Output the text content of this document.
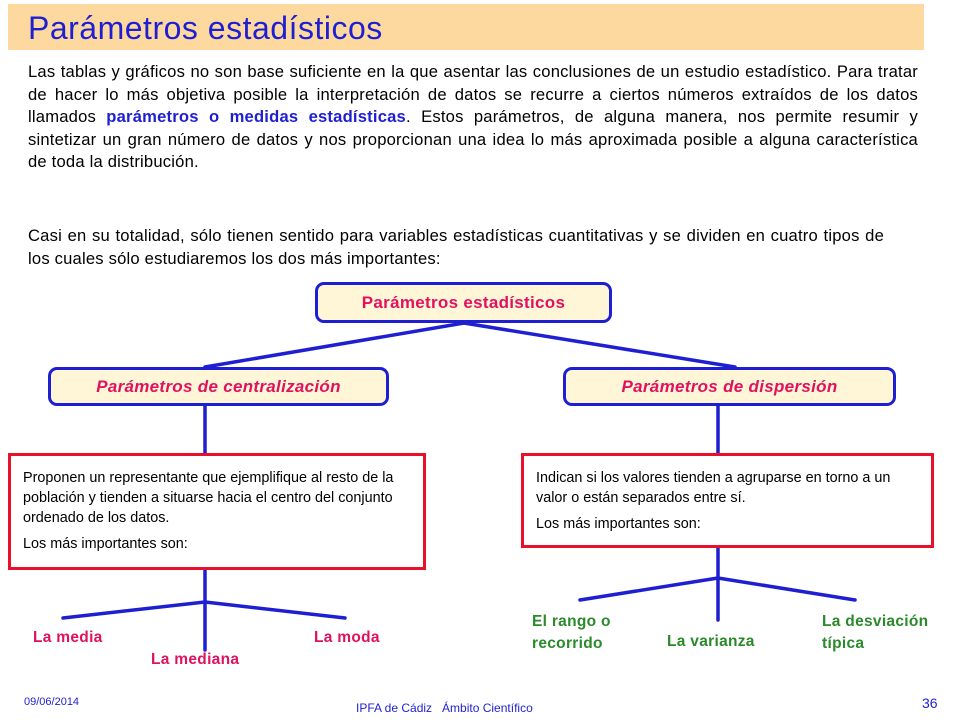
Parámetros estadísticos
Las tablas y gráficos no son base suficiente en la que asentar las conclusiones de un estudio estadístico. Para tratar de hacer lo más objetiva posible la interpretación de datos se recurre a ciertos números extraídos de los datos llamados parámetros o medidas estadísticas. Estos parámetros, de alguna manera, nos permite resumir y sintetizar un gran número de datos y nos proporcionan una idea lo más aproximada posible a alguna característica de toda la distribución.
Casi en su totalidad, sólo tienen sentido para variables estadísticas cuantitativas y se dividen en cuatro tipos de los cuales sólo estudiaremos los dos más importantes:
Parámetros estadísticos
Parámetros de centralización	Parámetros de dispersión
Proponen un representante que ejemplifique al resto de la población y tienden a situarse hacia el centro del conjunto ordenado de los datos.
Los más importantes son:
Indican si los valores tienden a agruparse en torno a un valor o están separados entre sí.
Los más importantes son:
La media
La mediana
La moda
El rango o recorrido	La varianza
La desviación típica
09/06/2014	IPFA de Cádiz   Ámbito Científico	36
